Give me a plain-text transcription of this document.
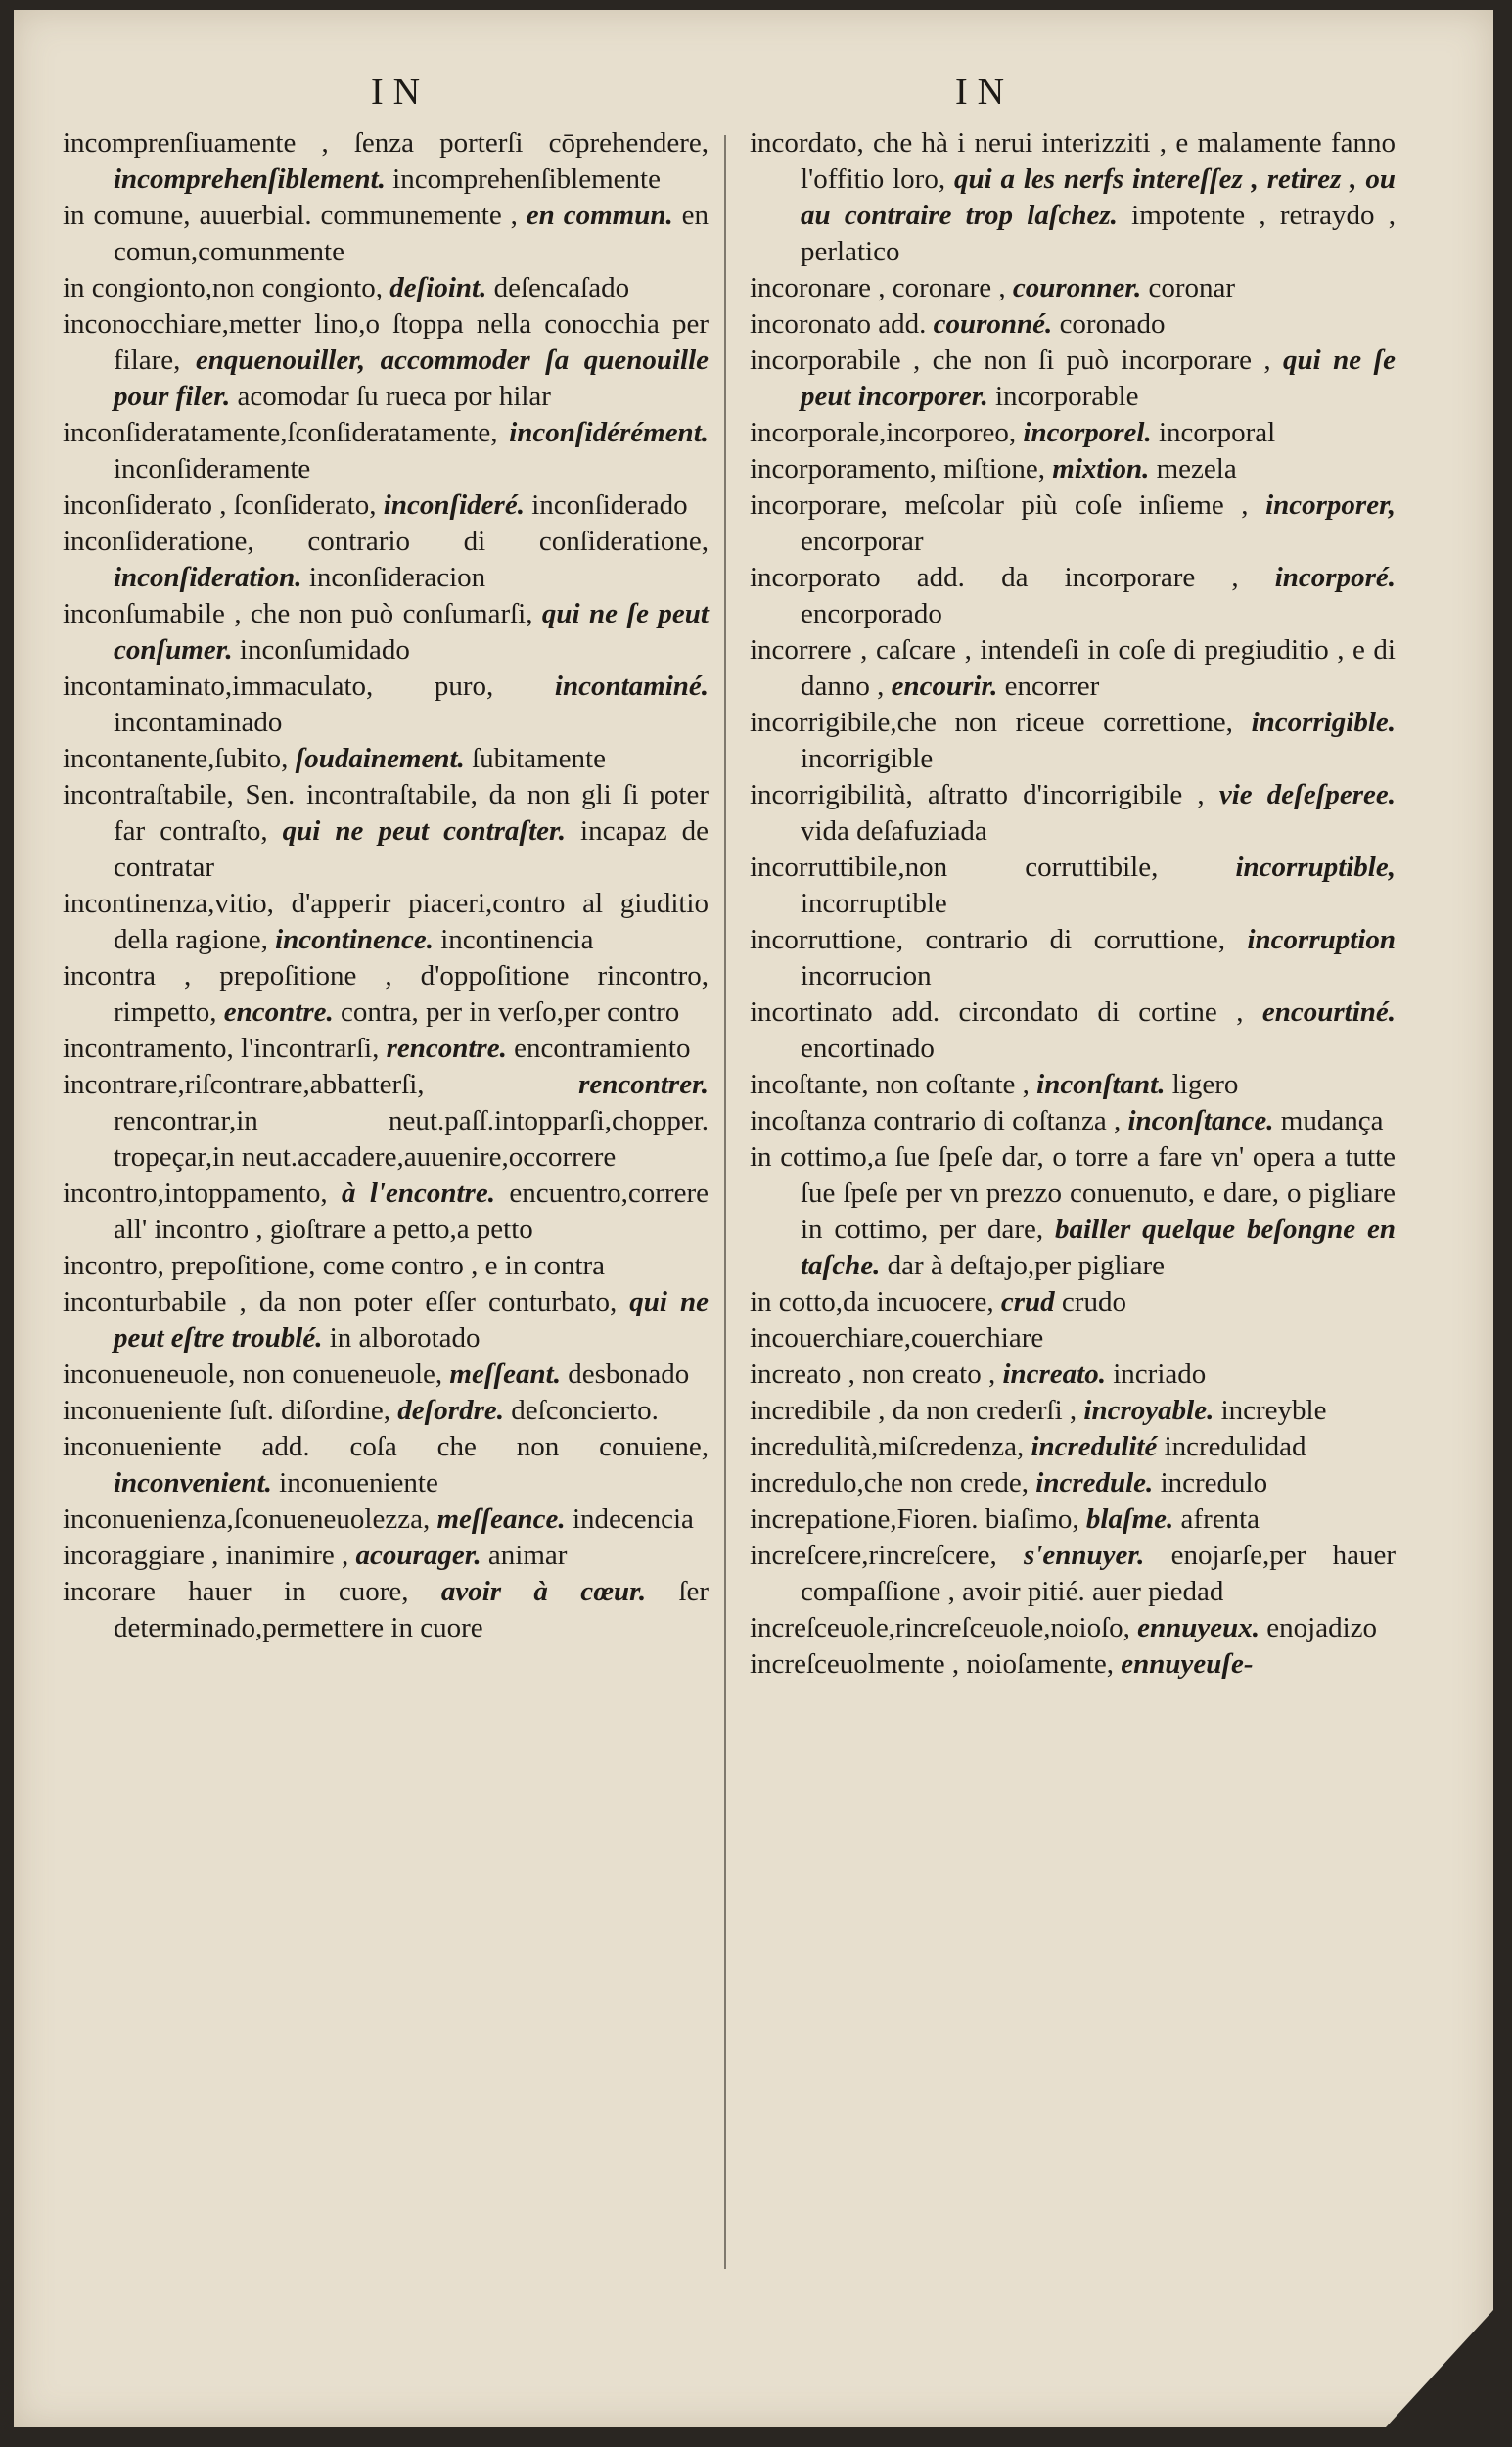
IN	IN

incomprenſiuamente , ſenza porterſi cōprehendere, incomprehenſiblement. incomprehenſiblemente

in comune, auuerbial. communemente , en commun. en comun,comunmente

in congionto,non congionto, deſioint. deſencaſado

inconocchiare,metter lino,o ſtoppa nella conocchia per filare, enquenouiller, accommoder ſa quenouille pour filer. acomodar ſu rueca por hilar

inconſideratamente,ſconſideratamente, inconſidérément. inconſideramente

inconſiderato , ſconſiderato, inconſideré. inconſiderado

inconſideratione, contrario di conſideratione, inconſideration. inconſideracion

inconſumabile , che non può conſumarſi, qui ne ſe peut conſumer. inconſumidado

incontaminato,immaculato, puro, incontaminé. incontaminado

incontanente,ſubito, ſoudainement. ſubitamente

incontraſtabile, Sen. incontraſtabile, da non gli ſi poter far contraſto, qui ne peut contraſter. incapaz de contratar

incontinenza,vitio, d'apperir piaceri,contro al giuditio della ragione, incontinence. incontinencia

incontra , prepoſitione , d'oppoſitione rincontro, rimpetto, encontre. contra, per in verſo,per contro

incontramento, l'incontrarſi, rencontre. encontramiento

incontrare,riſcontrare,abbatterſi,	rencontrer. rencontrar,in neut.paſſ.intopparſi,chopper. tropeçar,in neut.accadere,auuenire,occorrere

incontro,intoppamento, à l'encontre. encuentro,correre all' incontro , gioſtrare a petto,a petto

incontro, prepoſitione, come contro , e in contra

inconturbabile , da non poter eſſer conturbato, qui ne peut eſtre troublé. in alborotado

inconueneuole, non conueneuole, meſſeant. desbonado

inconueniente ſuſt. diſordine, deſordre. deſconcierto.

inconueniente add. coſa che non conuiene, inconvenient. inconueniente

inconuenienza,ſconueneuolezza, meſſeance. indecencia

incoraggiare , inanimire , acourager. animar

incorare hauer in cuore, avoir à cœur. ſer determinado,permettere in cuore

incordato, che hà i nerui interizziti , e malamente fanno l'offitio loro, qui a les nerfs intereſſez , retirez , ou au contraire trop laſchez. impotente , retraydo , perlatico

incoronare , coronare , couronner. coronar

incoronato add. couronné. coronado

incorporabile , che non ſi può incorporare , qui ne ſe peut incorporer. incorporable

incorporale,incorporeo, incorporel. incorporal

incorporamento, miſtione, mixtion. mezela

incorporare, meſcolar più coſe inſieme , incorporer, encorporar

incorporato add. da incorporare , incorporé. encorporado

incorrere , caſcare , intendeſi in coſe di pregiuditio , e di danno , encourir. encorrer

incorrigibile,che non riceue correttione, incorrigible. incorrigible

incorrigibilità, aſtratto d'incorrigibile , vie deſeſperee. vida deſafuziada

incorruttibile,non corruttibile,	incorruptible, incorruptible

incorruttione, contrario di corruttione, incorruption incorrucion

incortinato add. circondato di cortine , encourtiné. encortinado

incoſtante, non coſtante , inconſtant. ligero

incoſtanza contrario di coſtanza , inconſtance. mudança

in cottimo,a ſue ſpeſe dar, o torre a fare vn' opera a tutte ſue ſpeſe per vn prezzo conuenuto, e dare, o pigliare in cottimo, per dare, bailler quelque beſongne en taſche. dar à deſtajo,per pigliare

in cotto,da incuocere, crud crudo

incouerchiare,couerchiare

increato , non creato , increato. incriado

incredibile , da non crederſi , incroyable. increyble

incredulità,miſcredenza, incredulité incredulidad

incredulo,che non crede, incredule. incredulo

increpatione,Fioren. biaſimo, blaſme. afrenta

increſcere,rincreſcere, s'ennuyer. enojarſe,per hauer compaſſione , avoir pitié. auer piedad

increſceuole,rincreſceuole,noioſo, ennuyeux. enojadizo

increſceuolmente , noioſamente, ennuyeuſe-
